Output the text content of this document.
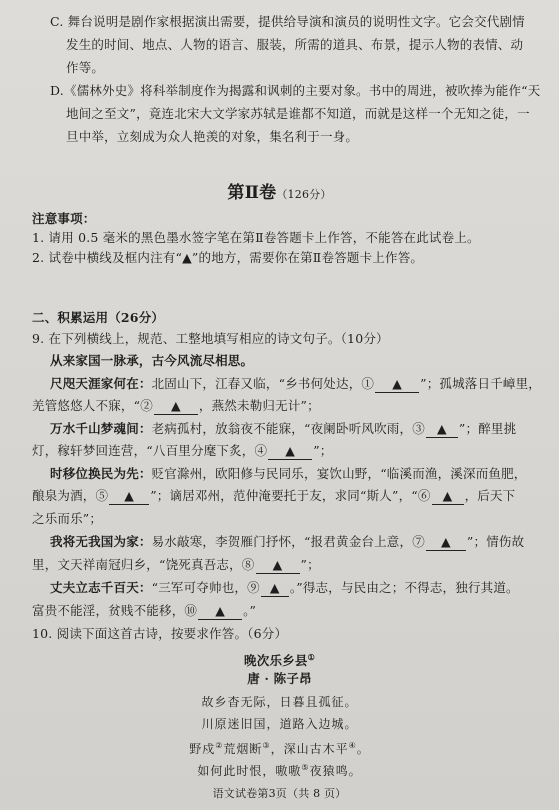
C. 舞台说明是剧作家根据演出需要，提供给导演和演员的说明性文字。它会交代剧情
发生的时间、地点、人物的语言、服装，所需的道具、布景，提示人物的表情、动
作等。
D.《儒林外史》将科举制度作为揭露和讽刺的主要对象。书中的周进，被吹捧为能作“天
地间之至文”，竟连北宋大文学家苏轼是谁都不知道，而就是这样一个无知之徒，一
旦中举，立刻成为众人艳羡的对象，集名利于一身。
第Ⅱ卷（126分）
注意事项：
1. 请用 0.5 毫米的黑色墨水签字笔在第Ⅱ卷答题卡上作答，不能答在此试卷上。
2. 试卷中横线及框内注有“▲”的地方，需要你在第Ⅱ卷答题卡上作答。
二、积累运用（26分）
9. 在下列横线上，规范、工整地填写相应的诗文句子。（10分）
从来家国一脉承，古今风流尽相思。
尺咫天涯家何在：北固山下，江春又临，“乡书何处达，① ▲ ”；孤城落日千嶂里，
羌管悠悠人不寐，“② ▲ ，燕然未勒归无计”；
万水千山梦魂间：老病孤村，放翁夜不能寐，“夜阑卧听风吹雨，③ ▲ ”；醉里挑
灯，稼轩梦回连营，“八百里分麾下炙，④ ▲ ”；
时移位换民为先：贬官滁州，欧阳修与民同乐，宴饮山野，“临溪而渔，溪深而鱼肥，
酿泉为酒，⑤ ▲ ”；谪居邓州，范仲淹要托于友，求同“斯人”，“⑥ ▲ ，后天下
之乐而乐”；
我将无我国为家：易水敲寒，李贺雁门抒怀，“报君黄金台上意，⑦ ▲ ”；情伤故
里，文天祥南冠归乡，“饶死真吾志，⑧ ▲ ”；
丈夫立志千百天：“三军可夺帅也，⑨ ▲ 。”得志，与民由之；不得志，独行其道。
富贵不能淫，贫贱不能移，⑩ ▲ 。”
10. 阅读下面这首古诗，按要求作答。（6分）
晚次乐乡县①
唐 · 陈子昂
故乡杳无际，日暮且孤征。
川原迷旧国，道路入边城。
野戍②荒烟断③，深山古木平④。
如何此时恨，嗷嗷⑤夜猿鸣。
语文试卷第3页（共 8 页）
